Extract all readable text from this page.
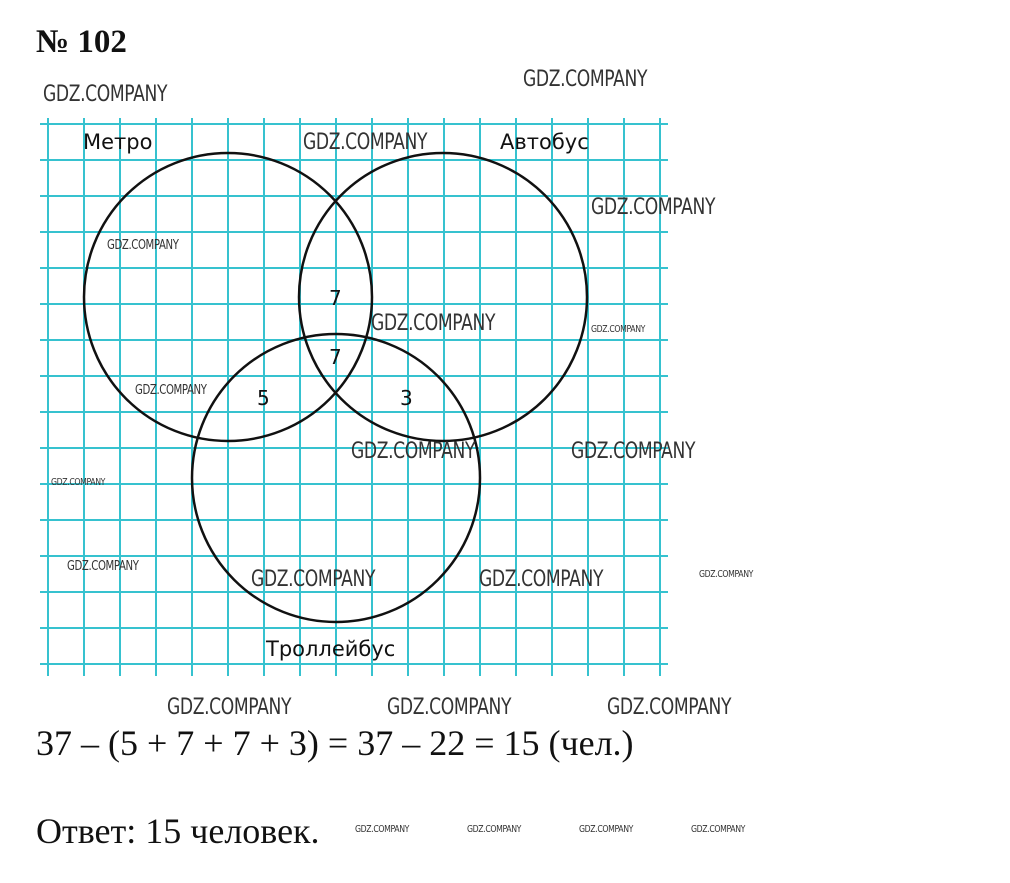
№ 102
Метро	Автобус
Троллейбус
7
7
5	3
GDZ.COMPANY
GDZ.COMPANY
GDZ.COMPANY
GDZ.COMPANY
GDZ.COMPANY
GDZ.COMPANY	GDZ.COMPANY
GDZ.COMPANY
GDZ.COMPANY	GDZ.COMPANY
GDZ.COMPANY
GDZ.COMPANY
GDZ.COMPANY	GDZ.COMPANY	GDZ.COMPANY
GDZ.COMPANY	GDZ.COMPANY	GDZ.COMPANY
GDZ.COMPANY	GDZ.COMPANY	GDZ.COMPANY	GDZ.COMPANY
37 – (5 + 7 + 7 + 3) = 37 – 22 = 15 (чел.)
Ответ: 15 человек.
